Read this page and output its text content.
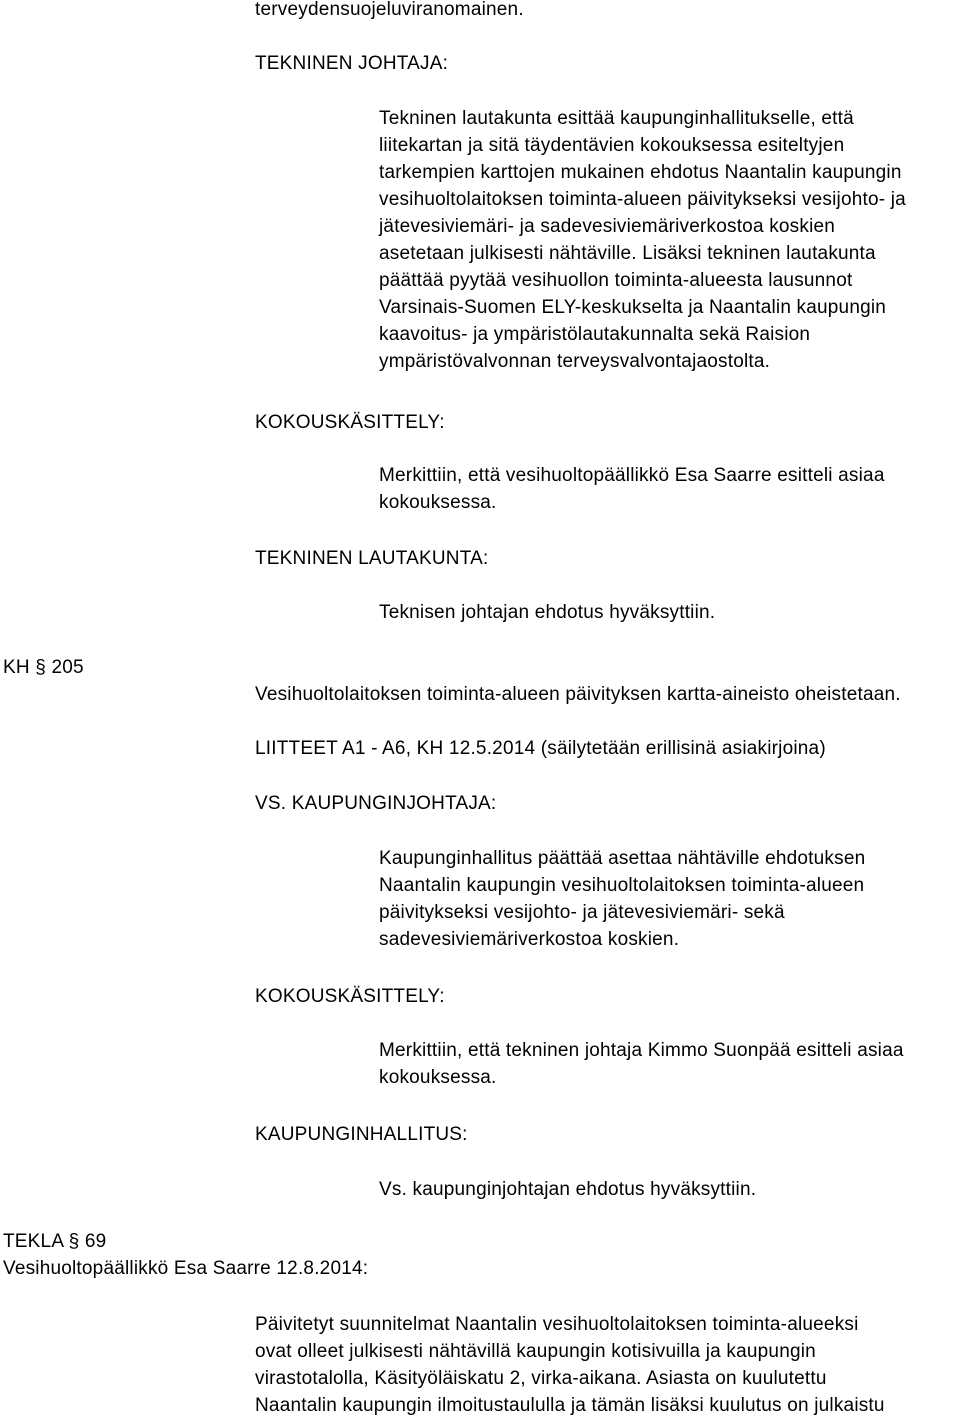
terveydensuojeluviranomainen.

TEKNINEN JOHTAJA:

Tekninen lautakunta esittää kaupunginhallitukselle, että
liitekartan ja sitä täydentävien kokouksessa esiteltyjen
tarkempien karttojen mukainen ehdotus Naantalin kaupungin
vesihuoltolaitoksen toiminta-alueen päivitykseksi vesijohto- ja
jätevesiviemäri- ja sadevesiviemäriverkostoa koskien
asetetaan julkisesti nähtäville. Lisäksi tekninen lautakunta
päättää pyytää vesihuollon toiminta-alueesta lausunnot
Varsinais-Suomen ELY-keskukselta ja Naantalin kaupungin
kaavoitus- ja ympäristölautakunnalta sekä Raision
ympäristövalvonnan terveysvalvontajaostolta.

KOKOUSKÄSITTELY:

Merkittiin, että vesihuoltopäällikkö Esa Saarre esitteli asiaa
kokouksessa.

TEKNINEN LAUTAKUNTA:

Teknisen johtajan ehdotus hyväksyttiin.

KH § 205

Vesihuoltolaitoksen toiminta-alueen päivityksen kartta-aineisto oheistetaan.

LIITTEET A1 - A6, KH 12.5.2014 (säilytetään erillisinä asiakirjoina)

VS. KAUPUNGINJOHTAJA:

Kaupunginhallitus päättää asettaa nähtäville ehdotuksen
Naantalin kaupungin vesihuoltolaitoksen toiminta-alueen
päivitykseksi vesijohto- ja jätevesiviemäri- sekä
sadevesiviemäriverkostoa koskien.

KOKOUSKÄSITTELY:

Merkittiin, että tekninen johtaja Kimmo Suonpää esitteli asiaa
kokouksessa.

KAUPUNGINHALLITUS:

Vs. kaupunginjohtajan ehdotus hyväksyttiin.

TEKLA § 69

Vesihuoltopäällikkö Esa Saarre 12.8.2014:

Päivitetyt suunnitelmat Naantalin vesihuoltolaitoksen toiminta-alueeksi
ovat olleet julkisesti nähtävillä kaupungin kotisivuilla ja kaupungin
virastotalolla, Käsityöläiskatu 2, virka-aikana. Asiasta on kuulutettu
Naantalin kaupungin ilmoitustaululla ja tämän lisäksi kuulutus on julkaistu
